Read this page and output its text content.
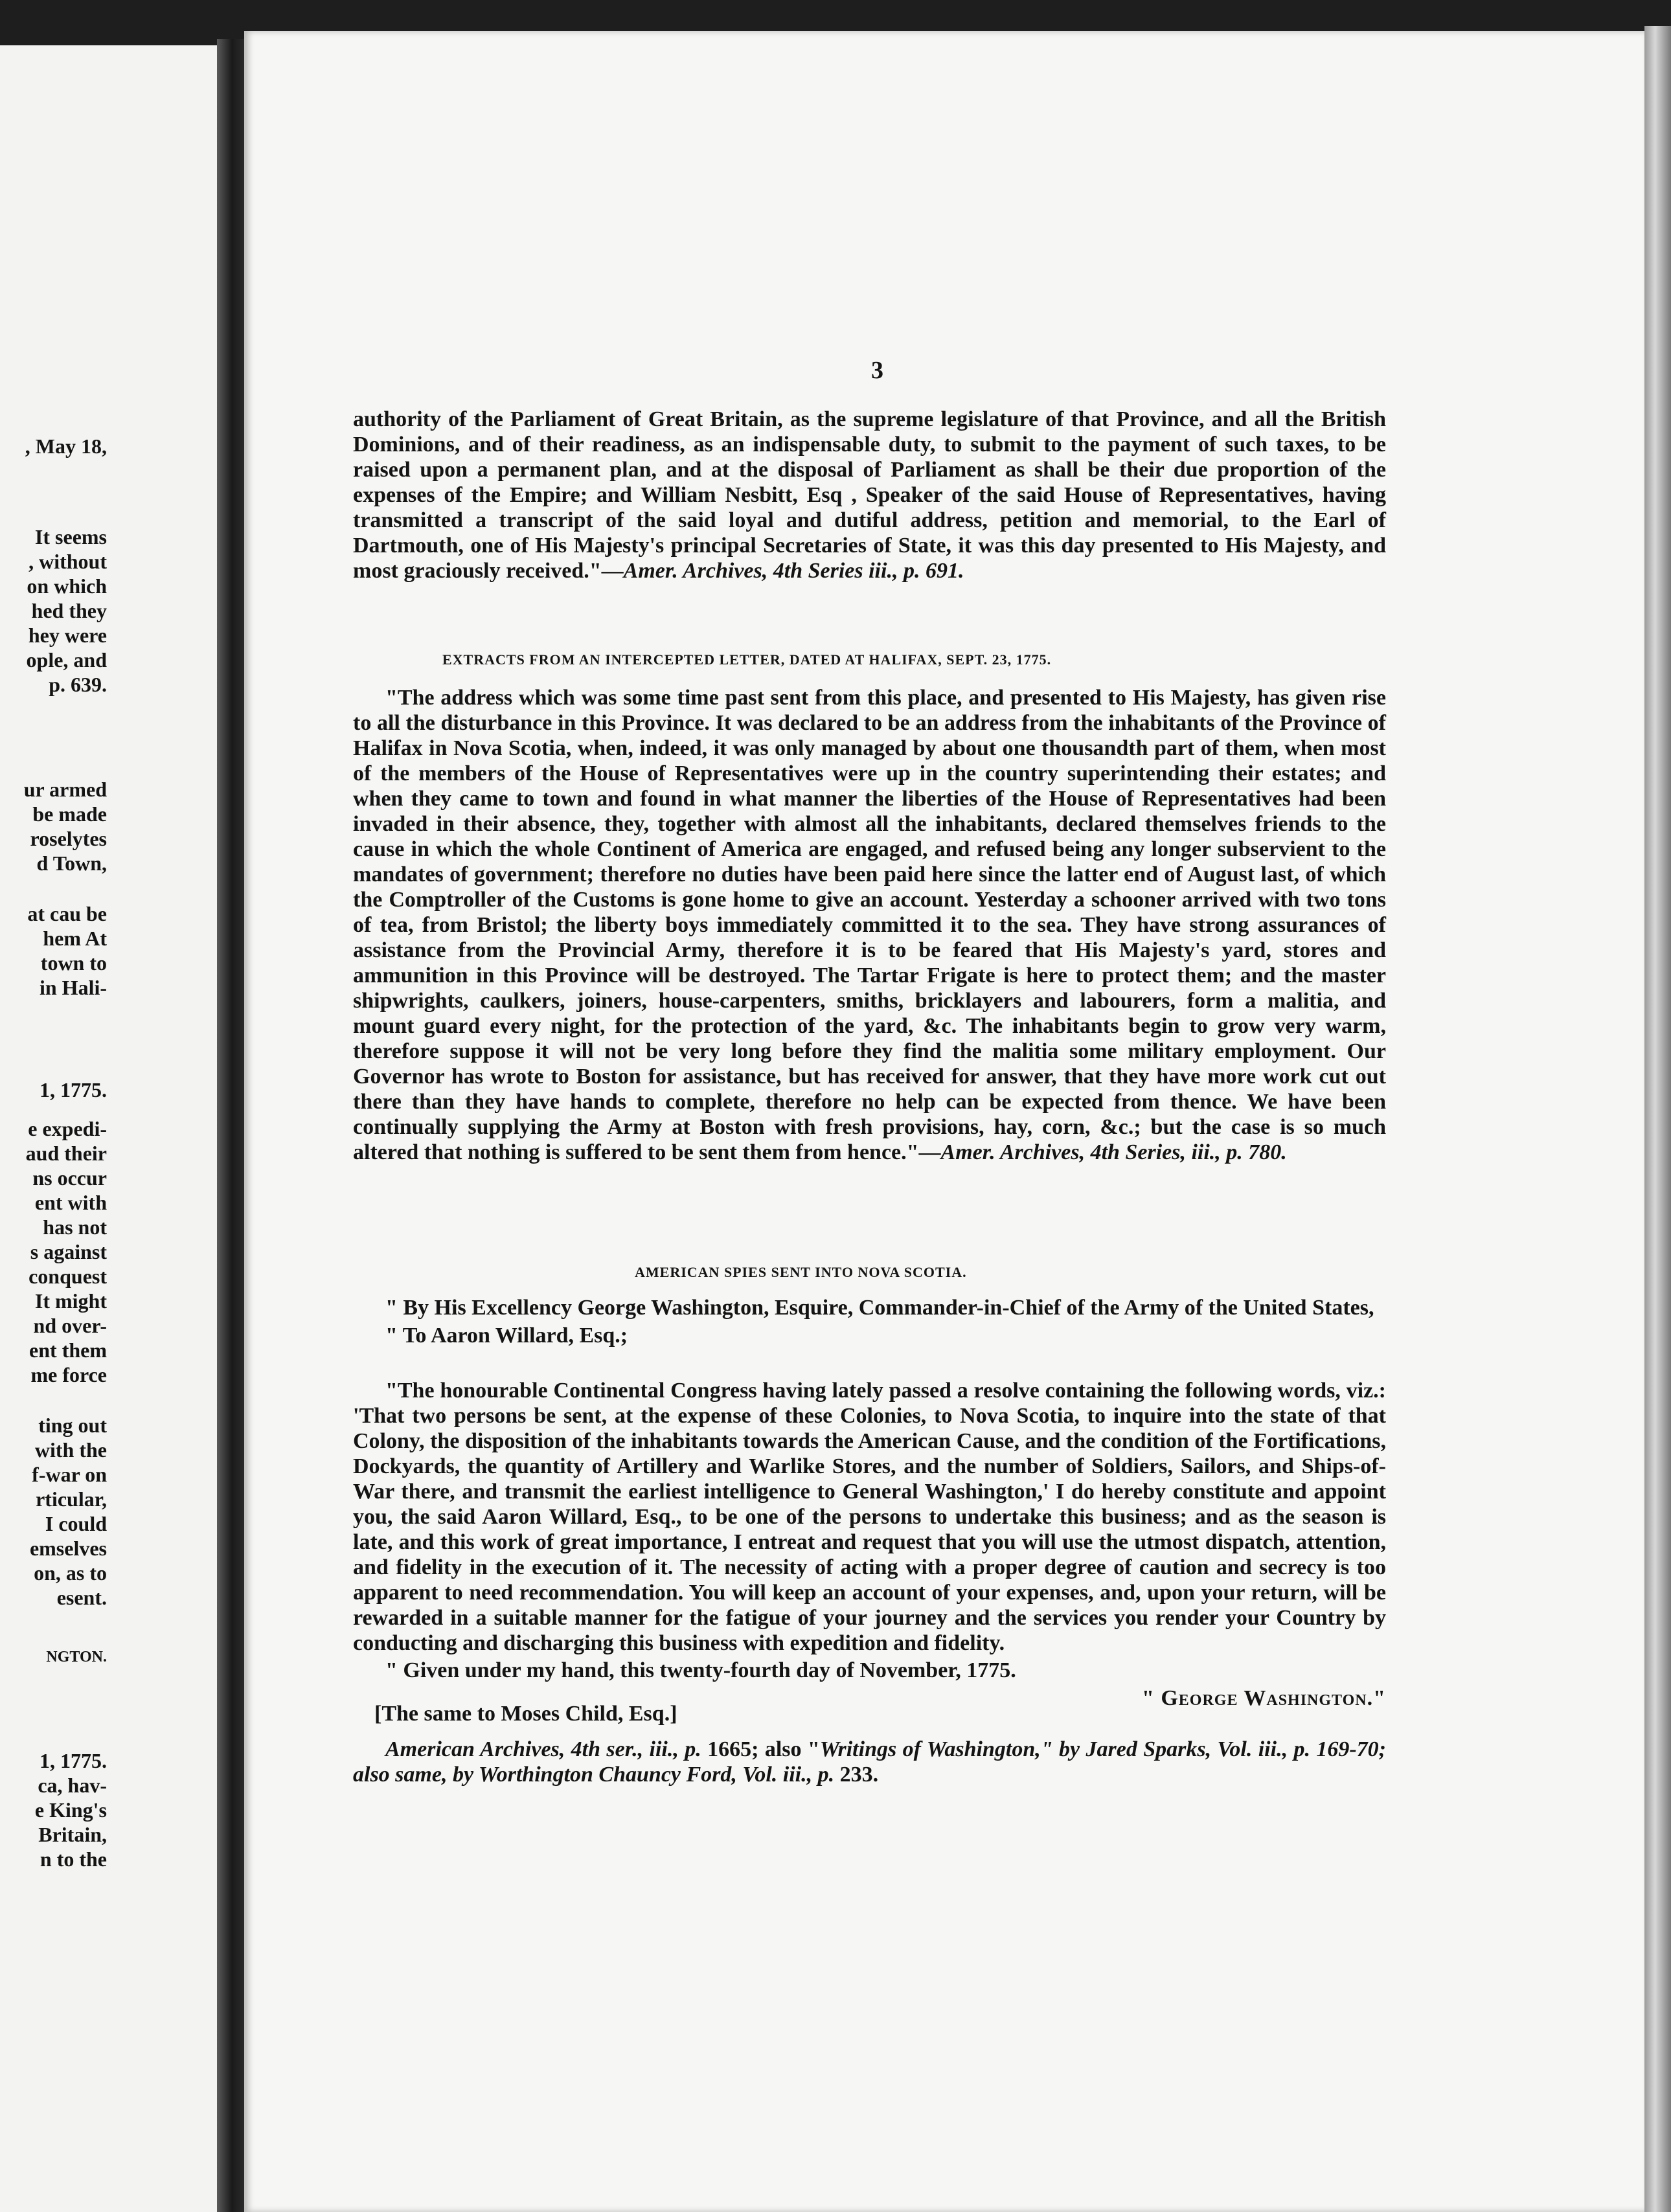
, May 18,
It seems
, without
on which
hed they
hey were
ople, and
p. 639.
ur armed
be made
roselytes
d Town,
at cau be
hem At
town to
in Hali-
1, 1775.
e expedi-
aud their
ns occur
ent with
has not
s against
conquest
It might
nd over-
ent them
me force
ting out
with the
f-war on
rticular,
I could
emselves
on, as to
esent.
NGTON.
1, 1775.
ca, hav-
e King's
Britain,
n to the
3
authority of the Parliament of Great Britain, as the supreme legislature of that Province, and all the British Dominions, and of their readiness, as an indispensable duty, to submit to the payment of such taxes, to be raised upon a permanent plan, and at the disposal of Parliament as shall be their due proportion of the expenses of the Empire; and William Nesbitt, Esq , Speaker of the said House of Representatives, having transmitted a transcript of the said loyal and dutiful address, petition and memorial, to the Earl of Dartmouth, one of His Majesty's principal Secretaries of State, it was this day presented to His Majesty, and most graciously received."—Amer. Archives, 4th Series iii., p. 691.
EXTRACTS FROM AN INTERCEPTED LETTER, DATED AT HALIFAX, SEPT. 23, 1775.
"The address which was some time past sent from this place, and presented to His Majesty, has given rise to all the disturbance in this Province. It was declared to be an address from the inhabitants of the Province of Halifax in Nova Scotia, when, indeed, it was only managed by about one thousandth part of them, when most of the members of the House of Representatives were up in the country superintending their estates; and when they came to town and found in what manner the liberties of the House of Representatives had been invaded in their absence, they, together with almost all the inhabitants, declared themselves friends to the cause in which the whole Continent of America are engaged, and refused being any longer subservient to the mandates of government; therefore no duties have been paid here since the latter end of August last, of which the Comptroller of the Customs is gone home to give an account. Yesterday a schooner arrived with two tons of tea, from Bristol; the liberty boys immediately committed it to the sea. They have strong assurances of assistance from the Provincial Army, therefore it is to be feared that His Majesty's yard, stores and ammunition in this Province will be destroyed. The Tartar Frigate is here to protect them; and the master shipwrights, caulkers, joiners, house-carpenters, smiths, bricklayers and labourers, form a malitia, and mount guard every night, for the protection of the yard, &c. The inhabitants begin to grow very warm, therefore suppose it will not be very long before they find the malitia some military employment. Our Governor has wrote to Boston for assistance, but has received for answer, that they have more work cut out there than they have hands to complete, therefore no help can be expected from thence. We have been continually supplying the Army at Boston with fresh provisions, hay, corn, &c.; but the case is so much altered that nothing is suffered to be sent them from hence."—Amer. Archives, 4th Series, iii., p. 780.
AMERICAN SPIES SENT INTO NOVA SCOTIA.
" By His Excellency George Washington, Esquire, Commander-in-Chief of the Army of the United States,
" To Aaron Willard, Esq.;
"The honourable Continental Congress having lately passed a resolve containing the following words, viz.: 'That two persons be sent, at the expense of these Colonies, to Nova Scotia, to inquire into the state of that Colony, the disposition of the inhabitants towards the American Cause, and the condition of the Fortifications, Dockyards, the quantity of Artillery and Warlike Stores, and the number of Soldiers, Sailors, and Ships-of-War there, and transmit the earliest intelligence to General Washington,' I do hereby constitute and appoint you, the said Aaron Willard, Esq., to be one of the persons to undertake this business; and as the season is late, and this work of great importance, I entreat and request that you will use the utmost dispatch, attention, and fidelity in the execution of it. The necessity of acting with a proper degree of caution and secrecy is too apparent to need recommendation. You will keep an account of your expenses, and, upon your return, will be rewarded in a suitable manner for the fatigue of your journey and the services you render your Country by conducting and discharging this business with expedition and fidelity.
" Given under my hand, this twenty-fourth day of November, 1775.
" George Washington."
[The same to Moses Child, Esq.]
American Archives, 4th ser., iii., p. 1665; also "Writings of Washington," by Jared Sparks, Vol. iii., p. 169-70; also same, by Worthington Chauncy Ford, Vol. iii., p. 233.
